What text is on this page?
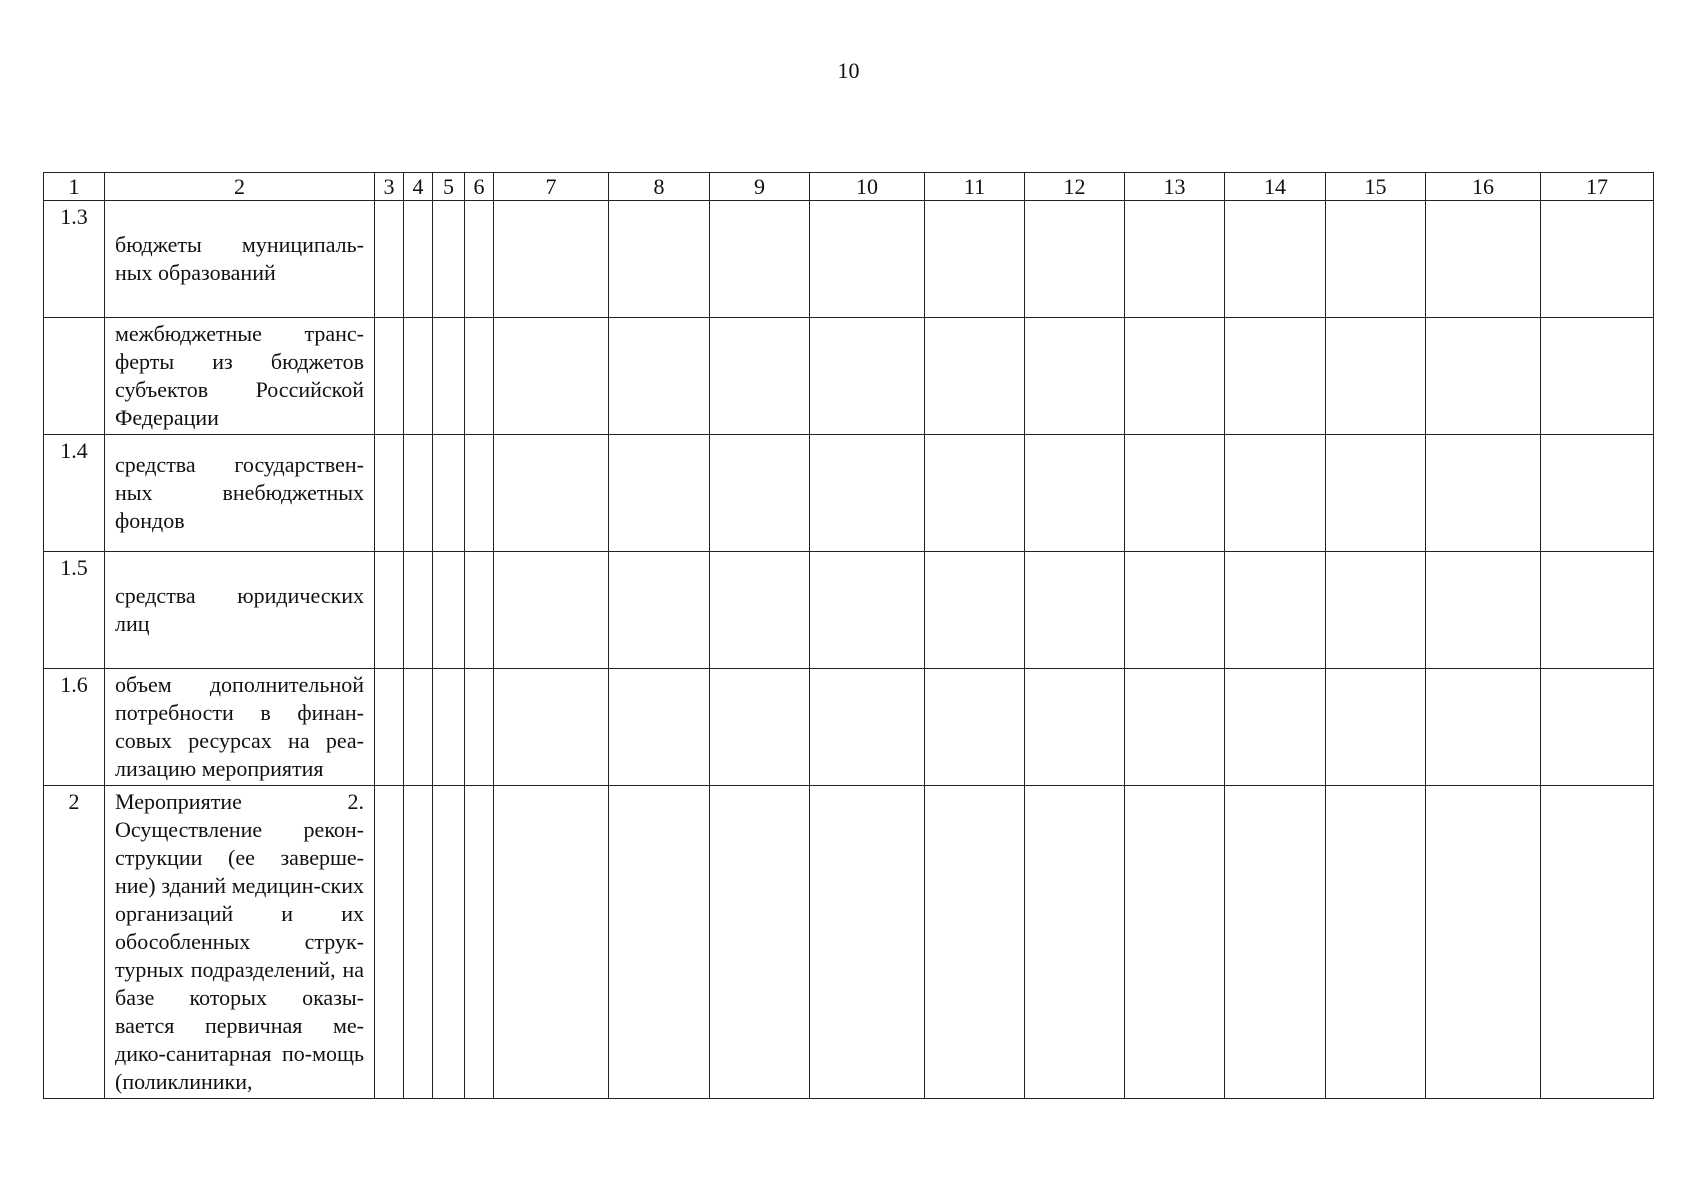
10
1	2	3	4	5	6	7	8	9	10	11	12	13	14	15	16	17
1.3	бюджеты муниципаль-ных образований															

	межбюджетные транс-ферты из бюджетов субъектов Российской Федерации															

1.4	средства государствен-ных внебюджетных фондов															

1.5	средства юридических лиц															

1.6	объем дополнительной потребности в финан-совых ресурсах на реа-лизацию мероприятия															

2	Мероприятие 2. Осуществление рекон-струкции (ее заверше-ние) зданий медицин-ских организаций и их обособленных струк-турных подразделений, на базе которых оказы-вается первичная ме-дико-санитарная по-мощь (поликлиники,															
